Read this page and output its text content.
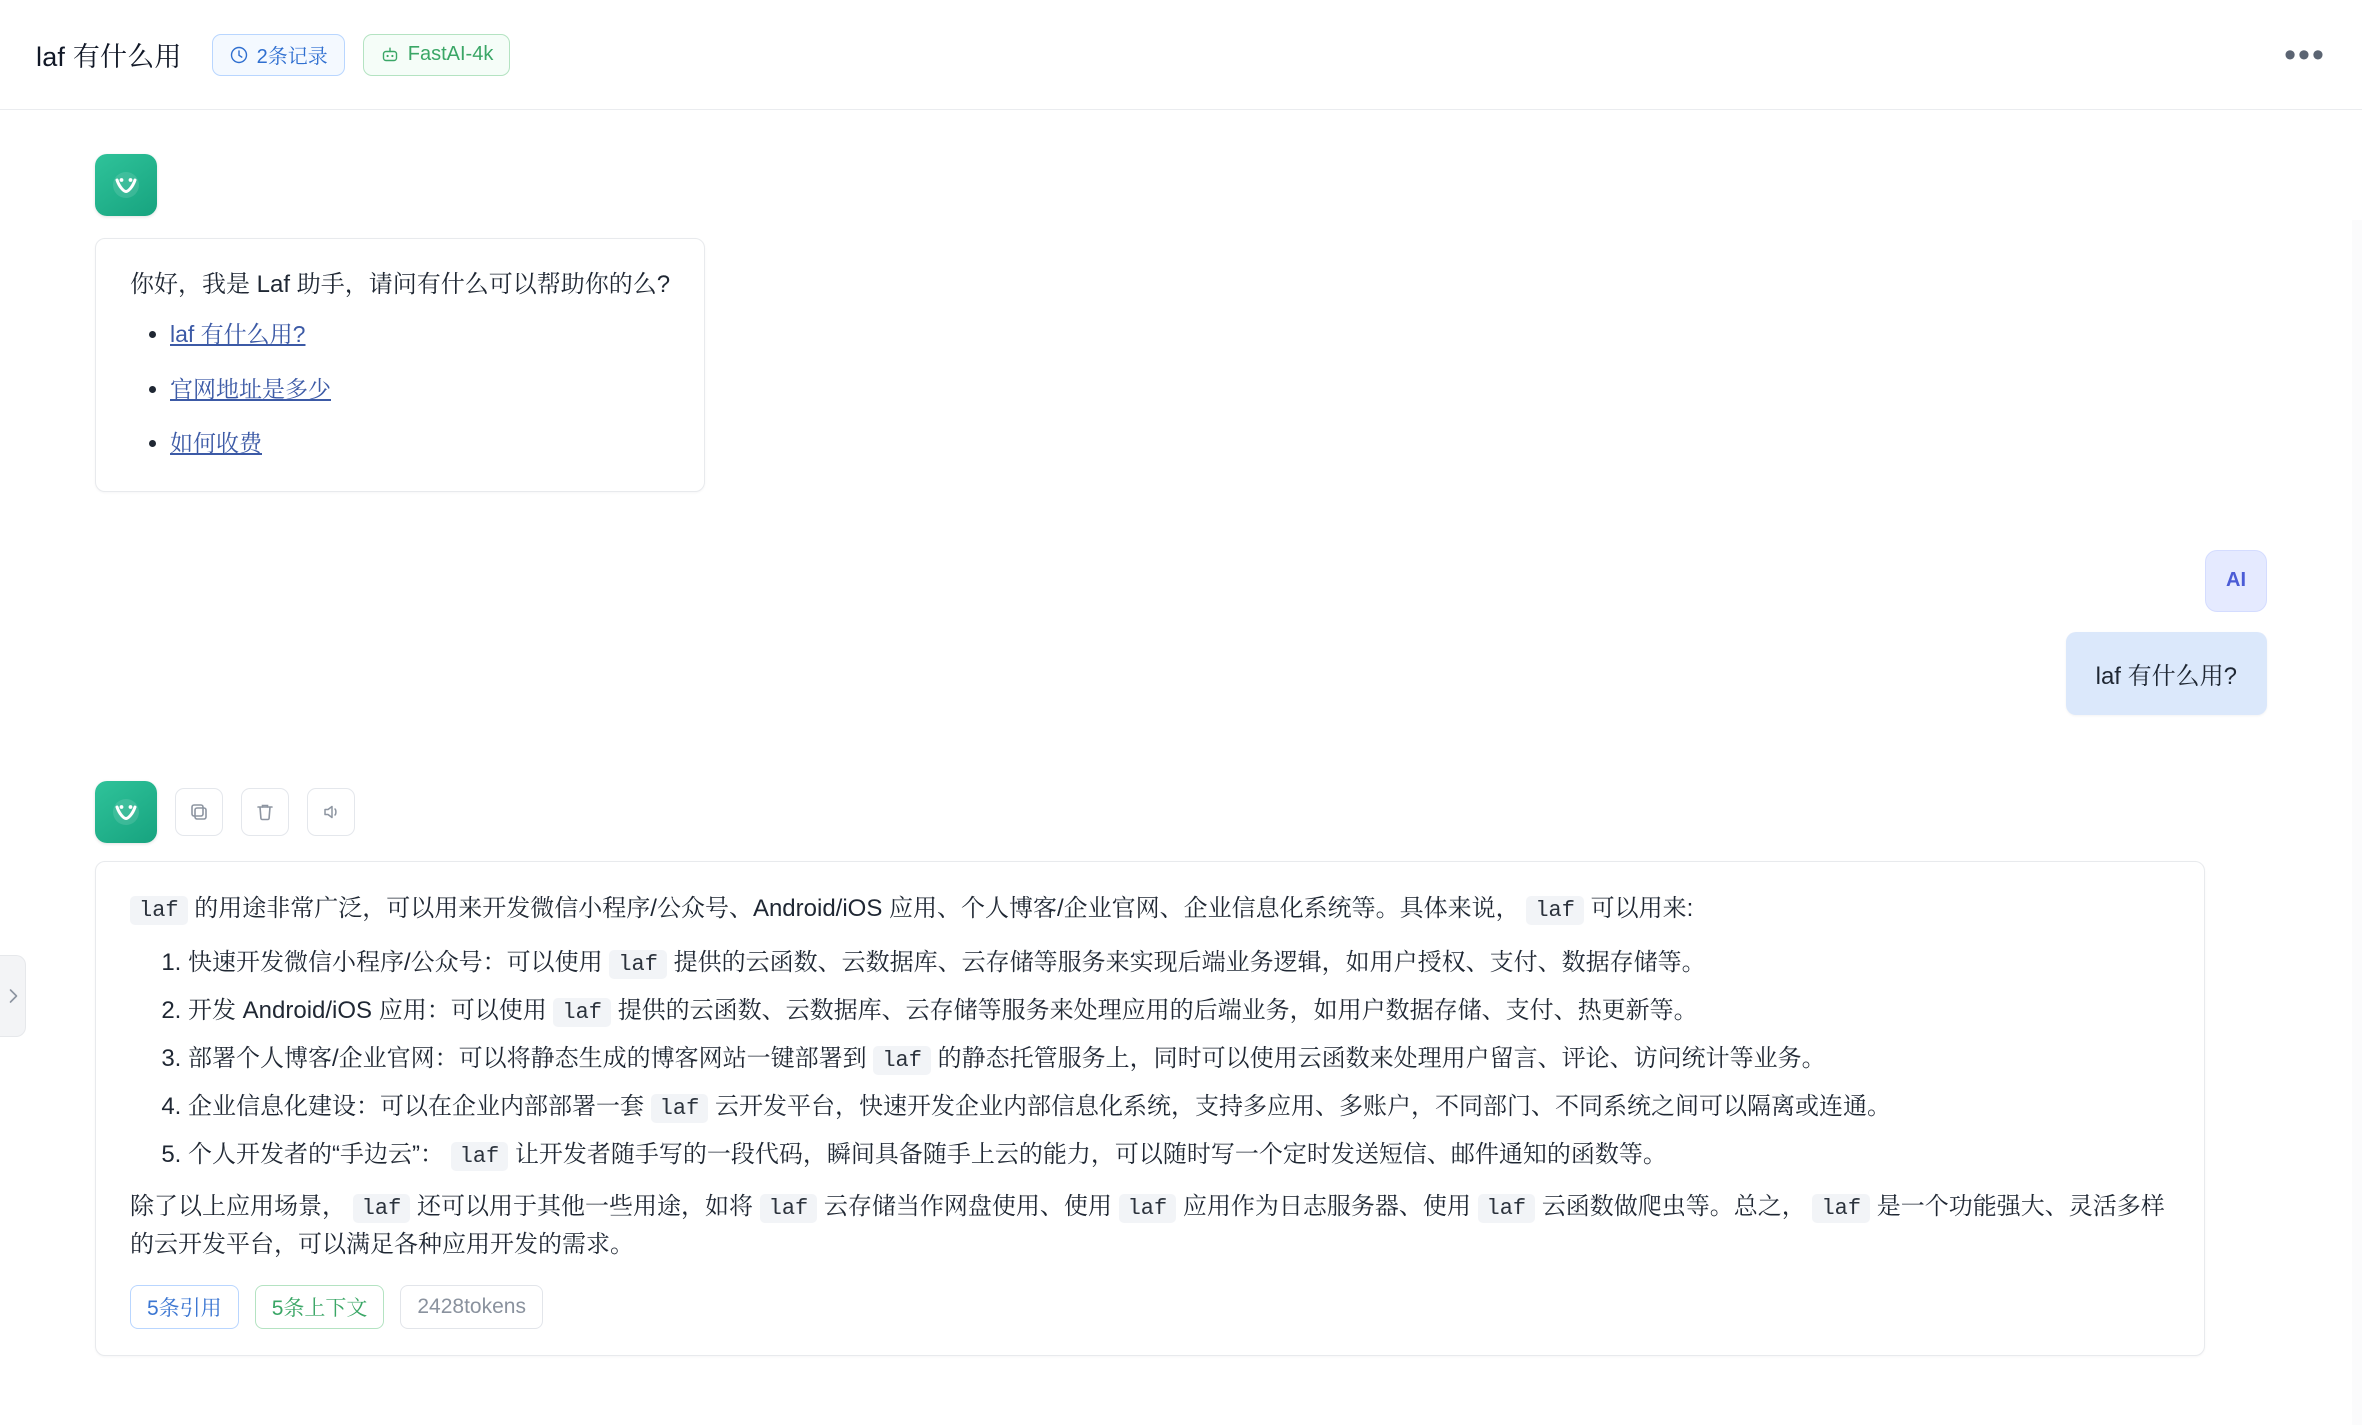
laf 有什么用	2条记录	FastAI-4k	•••

你好，我是 Laf 助手，请问有什么可以帮助你的么?

• laf 有什么用?
• 官网地址是多少
• 如何收费
AI
laf 有什么用?

laf 的用途非常广泛，可以用来开发微信小程序/公众号、Android/iOS 应用、个人博客/企业官网、企业信息化系统等。具体来说， laf 可以用来:

1. 快速开发微信小程序/公众号：可以使用 laf 提供的云函数、云数据库、云存储等服务来实现后端业务逻辑，如用户授权、支付、数据存储等。
2. 开发 Android/iOS 应用：可以使用 laf 提供的云函数、云数据库、云存储等服务来处理应用的后端业务，如用户数据存储、支付、热更新等。
3. 部署个人博客/企业官网：可以将静态生成的博客网站一键部署到 laf 的静态托管服务上，同时可以使用云函数来处理用户留言、评论、访问统计等业务。
4. 企业信息化建设：可以在企业内部部署一套 laf 云开发平台，快速开发企业内部信息化系统，支持多应用、多账户，不同部门、不同系统之间可以隔离或连通。
5. 个人开发者的“手边云”： laf 让开发者随手写的一段代码，瞬间具备随手上云的能力，可以随时写一个定时发送短信、邮件通知的函数等。

除了以上应用场景， laf 还可以用于其他一些用途，如将 laf 云存储当作网盘使用、使用 laf 应用作为日志服务器、使用 laf 云函数做爬虫等。总之， laf 是一个功能强大、灵活多样的云开发平台，可以满足各种应用开发的需求。

5条引用	5条上下文	2428tokens
